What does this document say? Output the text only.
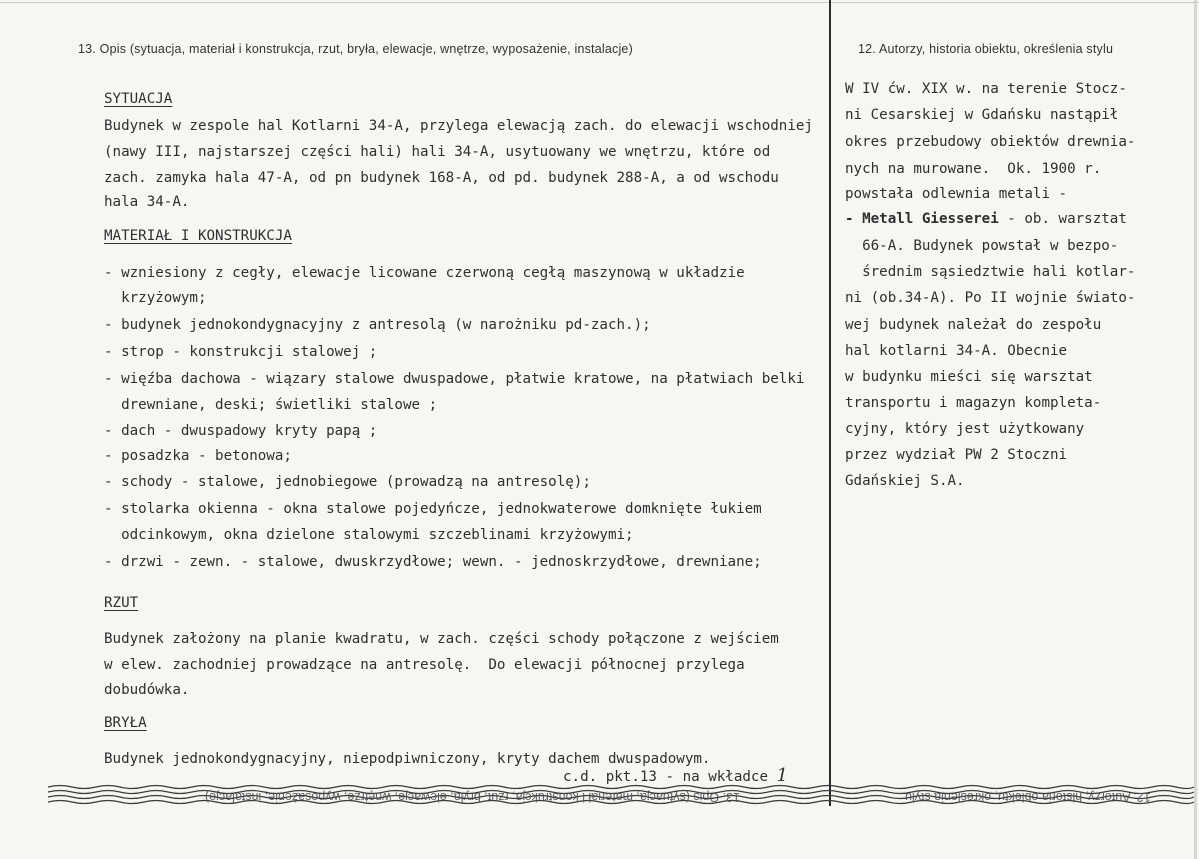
13. Opis (sytuacja, materiał i konstrukcja, rzut, bryła, elewacje, wnętrze, wyposażenie, instalacje)	12. Autorzy, historia obiektu, określenia stylu
SYTUACJA
Budynek w zespole hal Kotlarni 34-A, przylega elewacją zach. do elewacji wschodniej
(nawy III, najstarszej części hali) hali 34-A, usytuowany we wnętrzu, które od
zach. zamyka hala 47-A, od pn budynek 168-A, od pd. budynek 288-A, a od wschodu
hala 34-A.
MATERIAŁ I KONSTRUKCJA
- wzniesiony z cegły, elewacje licowane czerwoną cegłą maszynową w układzie
krzyżowym;
- budynek jednokondygnacyjny z antresolą (w narożniku pd-zach.);
- strop - konstrukcji stalowej ;
- więźba dachowa - wiązary stalowe dwuspadowe, płatwie kratowe, na płatwiach belki
drewniane, deski; świetliki stalowe ;
- dach - dwuspadowy kryty papą ;
- posadzka - betonowa;
- schody - stalowe, jednobiegowe (prowadzą na antresolę);
- stolarka okienna - okna stalowe pojedyńcze, jednokwaterowe domknięte łukiem
odcinkowym, okna dzielone stalowymi szczeblinami krzyżowymi;
- drzwi - zewn. - stalowe, dwuskrzydłowe; wewn. - jednoskrzydłowe, drewniane;
RZUT
Budynek założony na planie kwadratu, w zach. części schody połączone z wejściem
w elew. zachodniej prowadzące na antresolę.  Do elewacji północnej przylega
dobudówka.
BRYŁA
Budynek jednokondygnacyjny, niepodpiwniczony, kryty dachem dwuspadowym.
c.d. pkt.13 - na wkładce 1
W IV ćw. XIX w. na terenie Stocz-
ni Cesarskiej w Gdańsku nastąpił
okres przebudowy obiektów drewnia-
nych na murowane.  Ok. 1900 r.
powstała odlewnia metali -
- Metall Giesserei - ob. warsztat
66-A. Budynek powstał w bezpo-
średnim sąsiedztwie hali kotlar-
ni (ob.34-A). Po II wojnie świato-
wej budynek należał do zespołu
hal kotlarni 34-A. Obecnie
w budynku mieści się warsztat
transportu i magazyn kompleta-
cyjny, który jest użytkowany
przez wydział PW 2 Stoczni
Gdańskiej S.A.
13. Opis (sytuacja, materiał i konstrukcja, rzut, bryła, elewacje, wnętrze, wyposażenie, instalacje)	12. Autorzy, historia obiektu, określenia stylu
